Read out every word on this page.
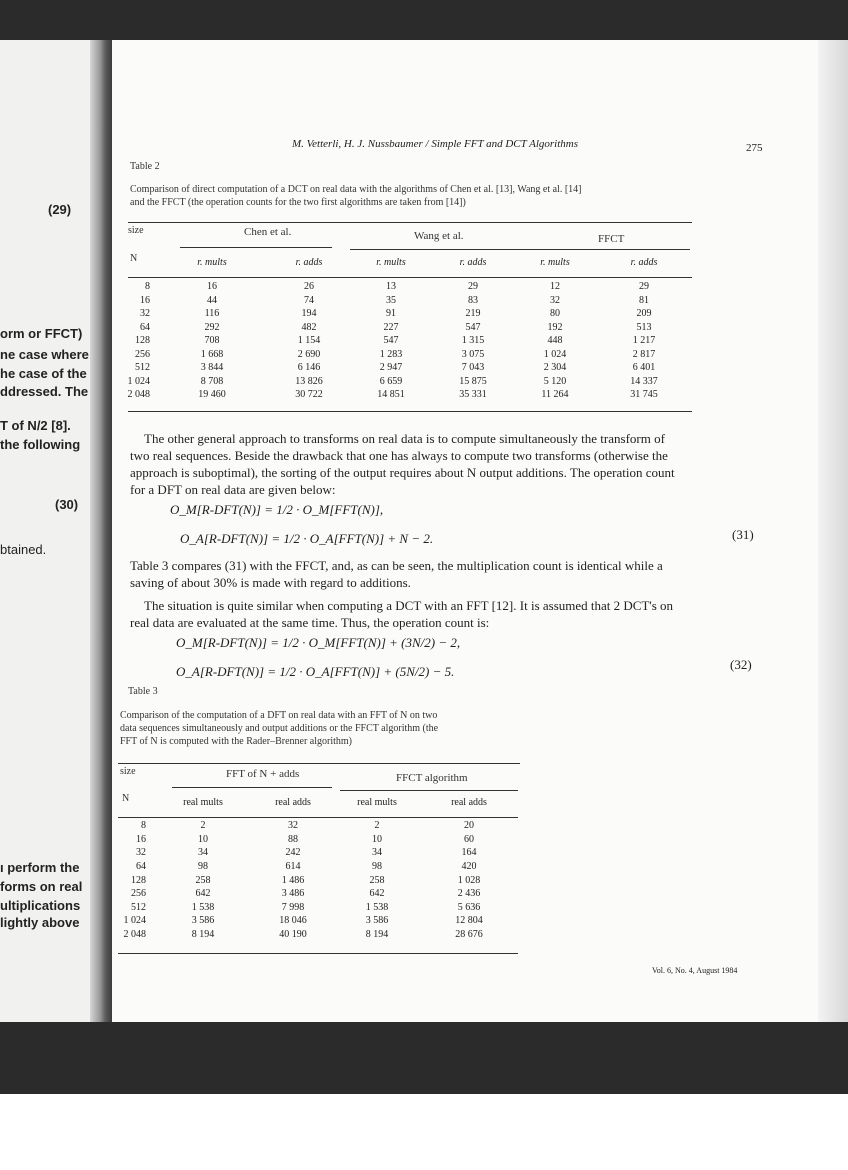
(29)
orm or FFCT)
ne case where
he case of the
ddressed. The
T of N/2 [8].
the following
(30)
btained.
ı perform the
forms on real
ultiplications
lightly above
M. Vetterli, H. J. Nussbaumer / Simple FFT and DCT Algorithms	275
Table 2
Comparison of direct computation of a DCT on real data with the algorithms of Chen et al. [13], Wang et al. [14]
and the FFCT (the operation counts for the two first algorithms are taken from [14])
size
N
Chen et al.	Wang et al.	FFCT
	r. mults	r. adds	r. mults	r. adds	r. mults	r. adds

8	16	26	13	29	12	29
16	44	74	35	83	32	81
32	116	194	91	219	80	209
64	292	482	227	547	192	513
128	708	1 154	547	1 315	448	1 217
256	1 668	2 690	1 283	3 075	1 024	2 817
512	3 844	6 146	2 947	7 043	2 304	6 401
1 024	8 708	13 826	6 659	15 875	5 120	14 337
2 048	19 460	30 722	14 851	35 331	11 264	31 745
The other general approach to transforms on real data is to compute simultaneously the transform of
two real sequences. Beside the drawback that one has always to compute two transforms (otherwise the
approach is suboptimal), the sorting of the output requires about N output additions. The operation count
for a DFT on real data are given below:
O_M[R-DFT(N)] = 1/2 · O_M[FFT(N)],
O_A[R-DFT(N)] = 1/2 · O_A[FFT(N)] + N − 2.	(31)
Table 3 compares (31) with the FFCT, and, as can be seen, the multiplication count is identical while a
saving of about 30% is made with regard to additions.
The situation is quite similar when computing a DCT with an FFT [12]. It is assumed that 2 DCT's on
real data are evaluated at the same time. Thus, the operation count is:
O_M[R-DFT(N)] = 1/2 · O_M[FFT(N)] + (3N/2) − 2,
O_A[R-DFT(N)] = 1/2 · O_A[FFT(N)] + (5N/2) − 5.	(32)
Table 3
Comparison of the computation of a DFT on real data with an FFT of N on two
data sequences simultaneously and output additions or the FFCT algorithm (the
FFT of N is computed with the Rader–Brenner algorithm)
size
N
FFT of N + adds	FFCT algorithm
	real mults	real adds	real mults	real adds

8	2	32	2	20
16	10	88	10	60
32	34	242	34	164
64	98	614	98	420
128	258	1 486	258	1 028
256	642	3 486	642	2 436
512	1 538	7 998	1 538	5 636
1 024	3 586	18 046	3 586	12 804
2 048	8 194	40 190	8 194	28 676
Vol. 6, No. 4, August 1984
